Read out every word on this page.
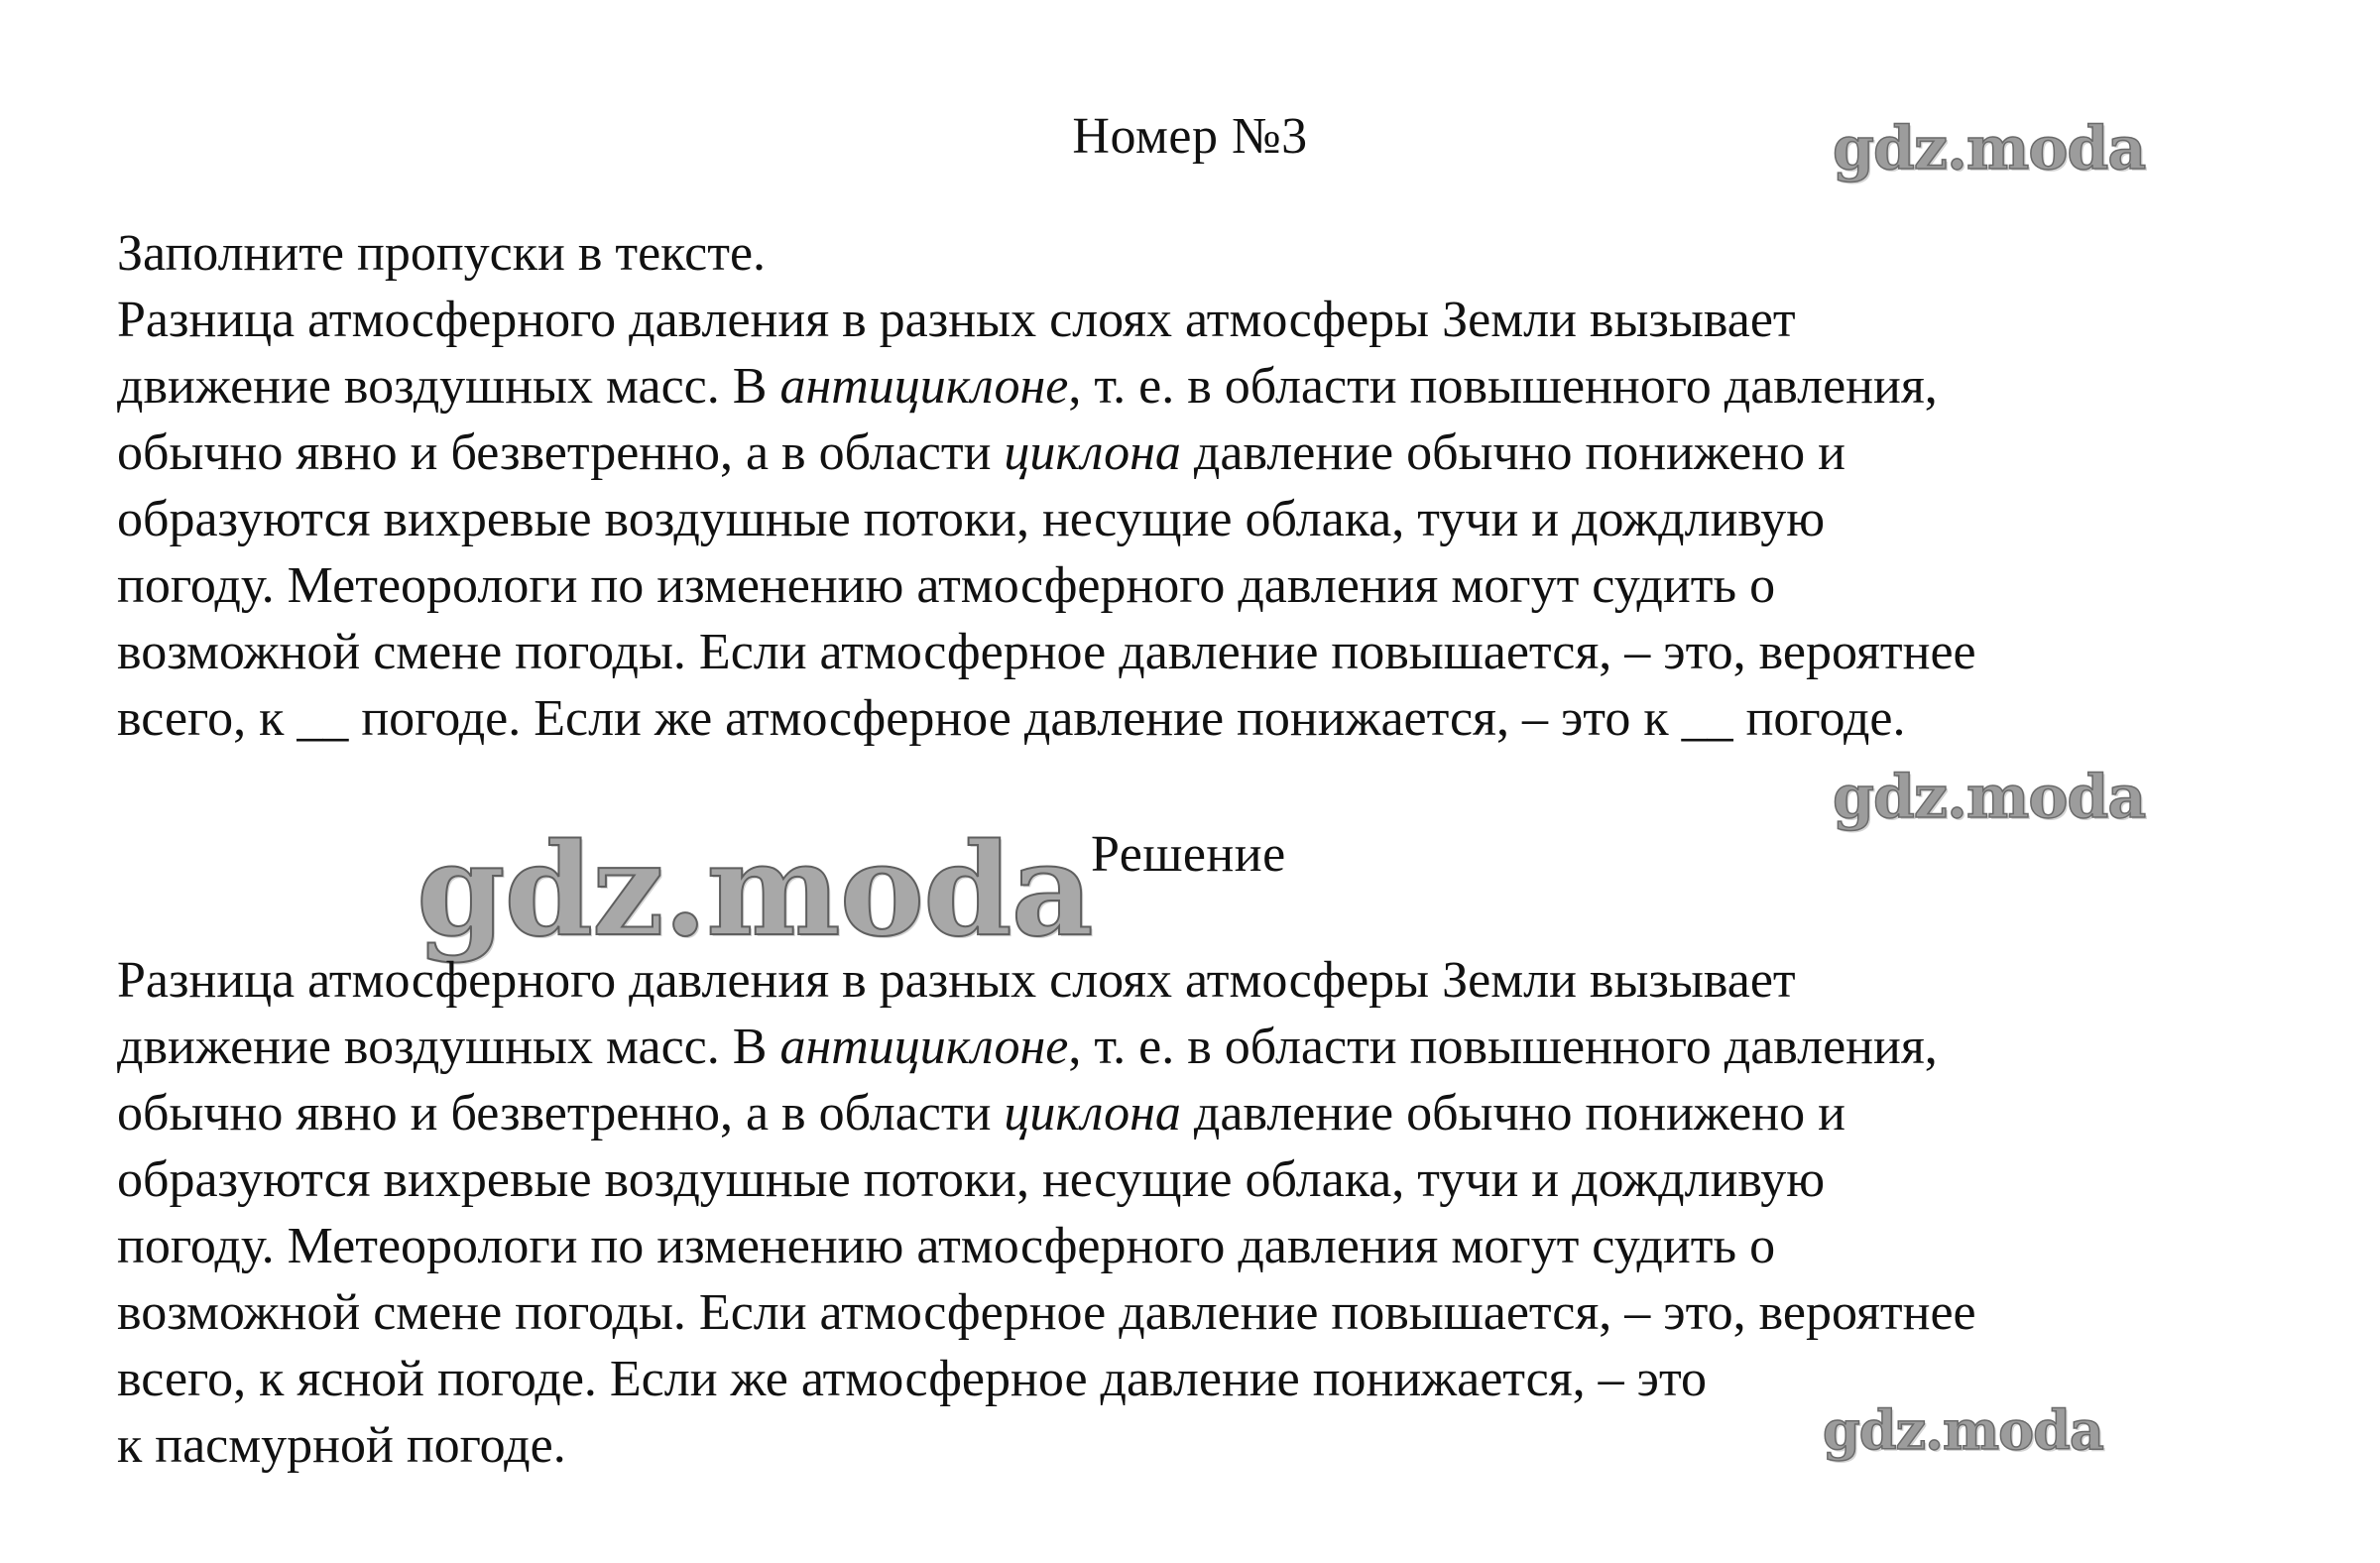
Номер №3	gdz.moda
Заполните пропуски в тексте.
Разница атмосферного давления в разных слоях атмосферы Земли вызывает
движение воздушных масс. В антициклоне, т. е. в области повышенного давления,
обычно явно и безветренно, а в области циклона давление обычно понижено и
образуются вихревые воздушные потоки, несущие облака, тучи и дождливую
погоду. Метеорологи по изменению атмосферного давления могут судить о
возможной смене погоды. Если атмосферное давление повышается, – это, вероятнее
всего, к __ погоде. Если же атмосферное давление понижается, – это к __ погоде.
gdz.moda
gdz.moda
Решение
Разница атмосферного давления в разных слоях атмосферы Земли вызывает
движение воздушных масс. В антициклоне, т. е. в области повышенного давления,
обычно явно и безветренно, а в области циклона давление обычно понижено и
образуются вихревые воздушные потоки, несущие облака, тучи и дождливую
погоду. Метеорологи по изменению атмосферного давления могут судить о
возможной смене погоды. Если атмосферное давление повышается, – это, вероятнее
всего, к ясной погоде. Если же атмосферное давление понижается, – это
к пасмурной погоде.	gdz.moda
